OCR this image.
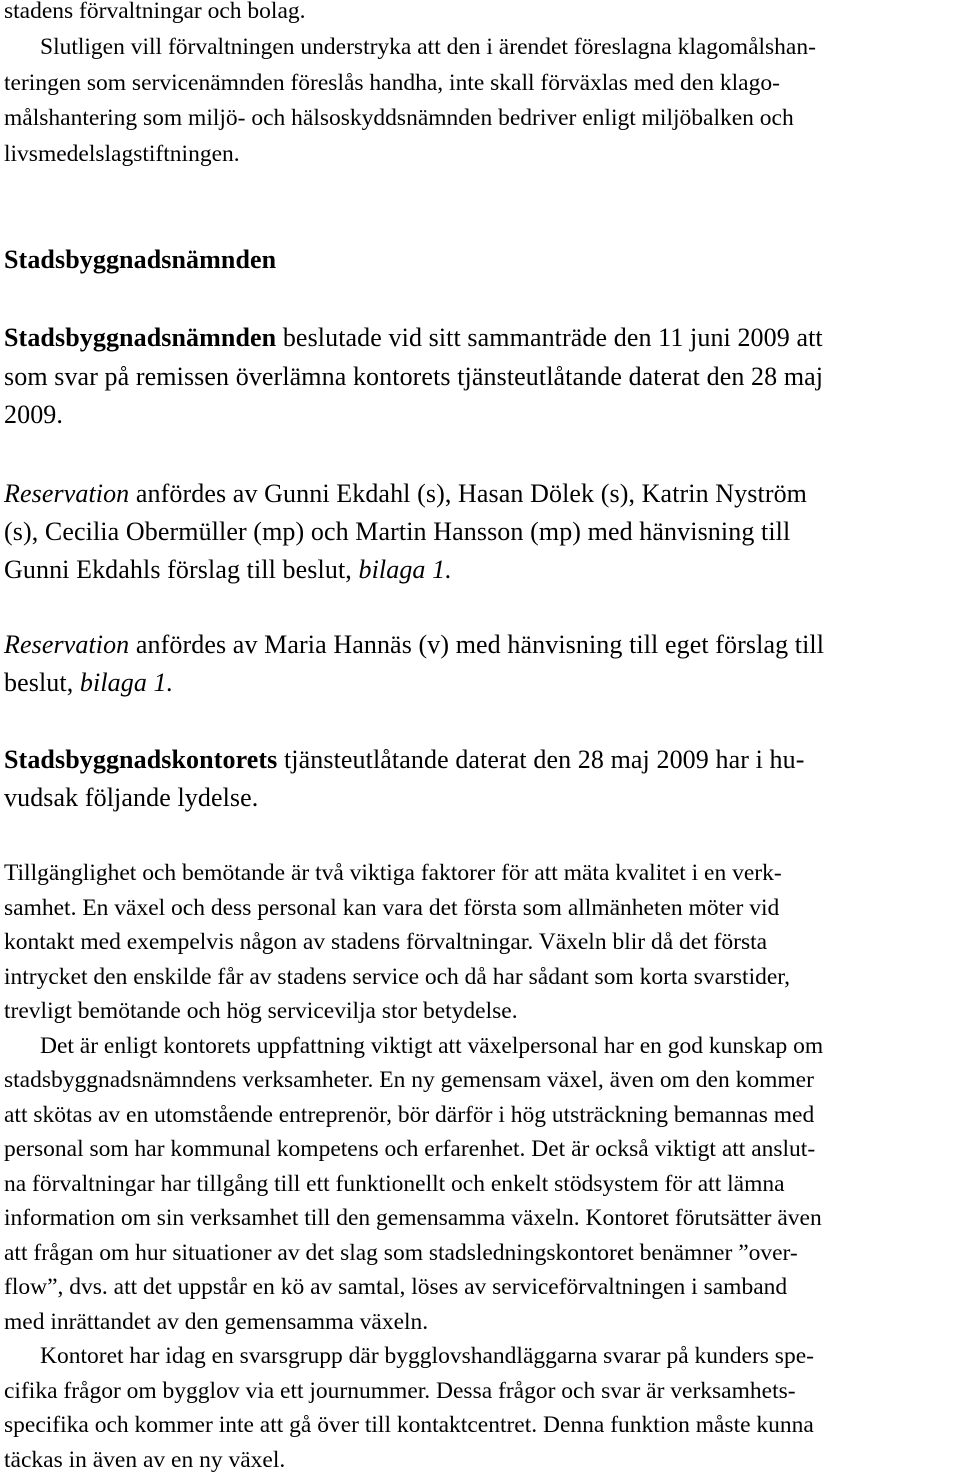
stadens förvaltningar och bolag.
Slutligen vill förvaltningen understryka att den i ärendet föreslagna klagomålshan-
teringen som servicenämnden föreslås handha, inte skall förväxlas med den klago-
målshantering som miljö- och hälsoskyddsnämnden bedriver enligt miljöbalken och
livsmedelslagstiftningen.
Stadsbyggnadsnämnden
Stadsbyggnadsnämnden beslutade vid sitt sammanträde den 11 juni 2009 att
som svar på remissen överlämna kontorets tjänsteutlåtande daterat den 28 maj
2009.
Reservation anfördes av Gunni Ekdahl (s), Hasan Dölek (s), Katrin Nyström
(s), Cecilia Obermüller (mp) och Martin Hansson (mp) med hänvisning till
Gunni Ekdahls förslag till beslut, bilaga 1.
Reservation anfördes av Maria Hannäs (v) med hänvisning till eget förslag till
beslut, bilaga 1.
Stadsbyggnadskontorets tjänsteutlåtande daterat den 28 maj 2009 har i hu-
vudsak följande lydelse.
Tillgänglighet och bemötande är två viktiga faktorer för att mäta kvalitet i en verk-
samhet. En växel och dess personal kan vara det första som allmänheten möter vid
kontakt med exempelvis någon av stadens förvaltningar. Växeln blir då det första
intrycket den enskilde får av stadens service och då har sådant som korta svarstider,
trevligt bemötande och hög servicevilja stor betydelse.
Det är enligt kontorets uppfattning viktigt att växelpersonal har en god kunskap om
stadsbyggnadsnämndens verksamheter. En ny gemensam växel, även om den kommer
att skötas av en utomstående entreprenör, bör därför i hög utsträckning bemannas med
personal som har kommunal kompetens och erfarenhet. Det är också viktigt att anslut-
na förvaltningar har tillgång till ett funktionellt och enkelt stödsystem för att lämna
information om sin verksamhet till den gemensamma växeln. Kontoret förutsätter även
att frågan om hur situationer av det slag som stadsledningskontoret benämner ”over-
flow”, dvs. att det uppstår en kö av samtal, löses av serviceförvaltningen i samband
med inrättandet av den gemensamma växeln.
Kontoret har idag en svarsgrupp där bygglovshandläggarna svarar på kunders spe-
cifika frågor om bygglov via ett journummer. Dessa frågor och svar är verksamhets-
specifika och kommer inte att gå över till kontaktcentret. Denna funktion måste kunna
täckas in även av en ny växel.
